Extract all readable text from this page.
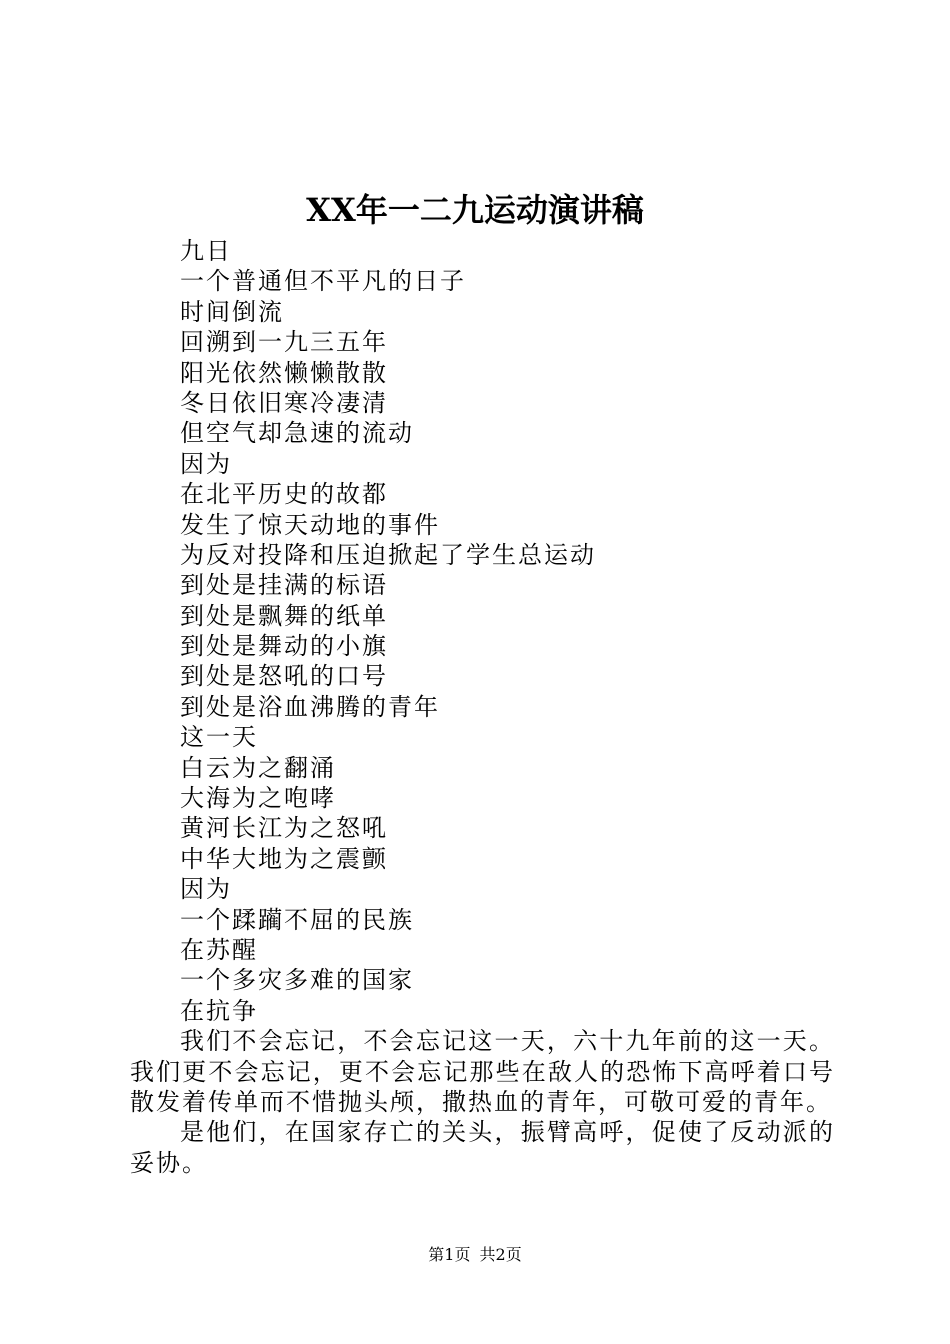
XX年一二九运动演讲稿
九日
一个普通但不平凡的日子
时间倒流
回溯到一九三五年
阳光依然懒懒散散
冬日依旧寒冷凄清
但空气却急速的流动
因为
在北平历史的故都
发生了惊天动地的事件
为反对投降和压迫掀起了学生总运动
到处是挂满的标语
到处是飘舞的纸单
到处是舞动的小旗
到处是怒吼的口号
到处是浴血沸腾的青年
这一天
白云为之翻涌
大海为之咆哮
黄河长江为之怒吼
中华大地为之震颤
因为
一个蹂躏不屈的民族
在苏醒
一个多灾多难的国家
在抗争

我们不会忘记，不会忘记这一天，六十九年前的这一天。我们更不会忘记，更不会忘记那些在敌人的恐怖下高呼着口号散发着传单而不惜抛头颅，撒热血的青年，可敬可爱的青年。

是他们，在国家存亡的关头，振臂高呼，促使了反动派的妥协。

第1页 共2页
